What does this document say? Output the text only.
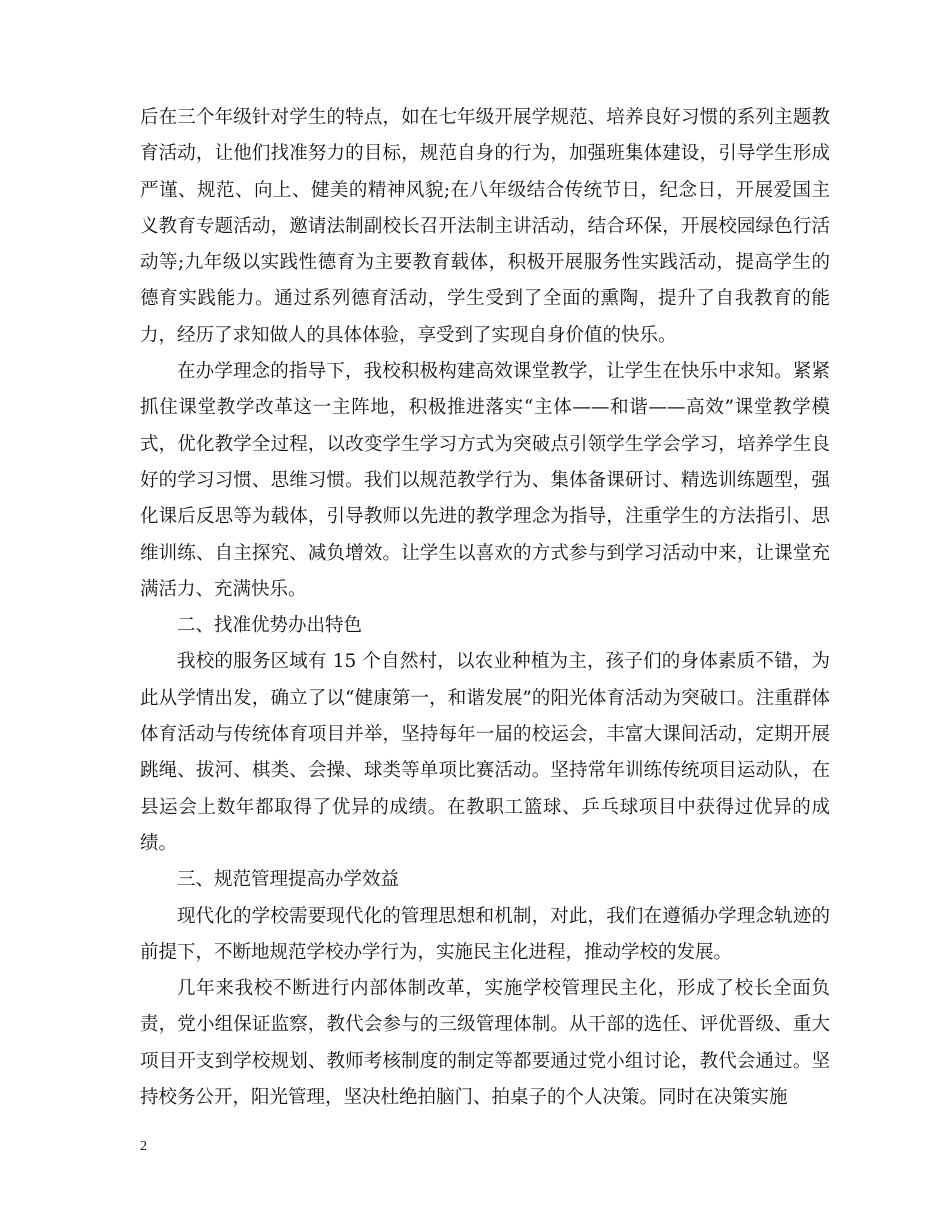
后在三个年级针对学生的特点，如在七年级开展学规范、培养良好习惯的系列主题教育活动，让他们找准努力的目标，规范自身的行为，加强班集体建设，引导学生形成严谨、规范、向上、健美的精神风貌;在八年级结合传统节日，纪念日，开展爱国主义教育专题活动，邀请法制副校长召开法制主讲活动，结合环保，开展校园绿色行活动等;九年级以实践性德育为主要教育载体，积极开展服务性实践活动，提高学生的德育实践能力。通过系列德育活动，学生受到了全面的熏陶，提升了自我教育的能力，经历了求知做人的具体体验，享受到了实现自身价值的快乐。

在办学理念的指导下，我校积极构建高效课堂教学，让学生在快乐中求知。紧紧抓住课堂教学改革这一主阵地，积极推进落实“主体——和谐——高效”课堂教学模式，优化教学全过程，以改变学生学习方式为突破点引领学生学会学习，培养学生良好的学习习惯、思维习惯。我们以规范教学行为、集体备课研讨、精选训练题型，强化课后反思等为载体，引导教师以先进的教学理念为指导，注重学生的方法指引、思维训练、自主探究、减负增效。让学生以喜欢的方式参与到学习活动中来，让课堂充满活力、充满快乐。

二、找准优势办出特色

我校的服务区域有 15 个自然村，以农业种植为主，孩子们的身体素质不错，为此从学情出发，确立了以“健康第一，和谐发展”的阳光体育活动为突破口。注重群体体育活动与传统体育项目并举，坚持每年一届的校运会，丰富大课间活动，定期开展跳绳、拔河、棋类、会操、球类等单项比赛活动。坚持常年训练传统项目运动队，在县运会上数年都取得了优异的成绩。在教职工篮球、乒乓球项目中获得过优异的成绩。

三、规范管理提高办学效益

现代化的学校需要现代化的管理思想和机制，对此，我们在遵循办学理念轨迹的前提下，不断地规范学校办学行为，实施民主化进程，推动学校的发展。

几年来我校不断进行内部体制改革，实施学校管理民主化，形成了校长全面负责，党小组保证监察，教代会参与的三级管理体制。从干部的选任、评优晋级、重大项目开支到学校规划、教师考核制度的制定等都要通过党小组讨论，教代会通过。坚持校务公开，阳光管理，坚决杜绝拍脑门、拍桌子的个人决策。同时在决策实施

2
